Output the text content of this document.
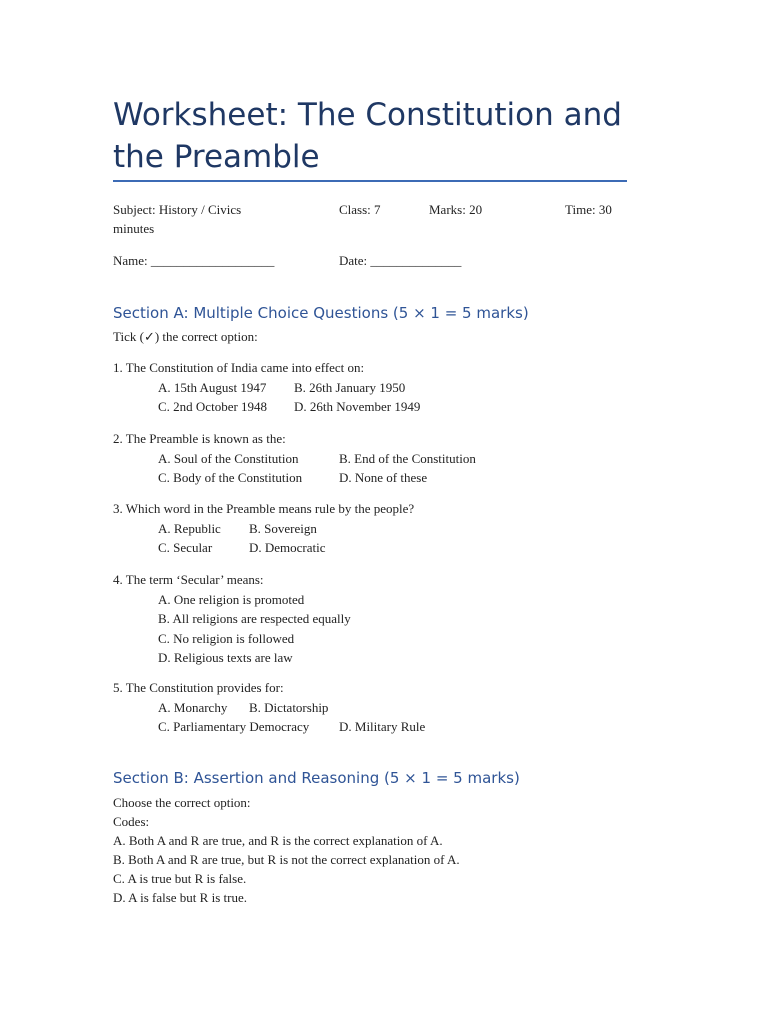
Worksheet: The Constitution and the Preamble
Subject: History / Civics	Class: 7	Marks: 20	Time: 30
minutes
Name: ___________________	Date: ______________
Section A: Multiple Choice Questions (5 × 1 = 5 marks)
Tick (✓) the correct option:
1. The Constitution of India came into effect on:
A. 15th August 1947 B. 26th January 1950
C. 2nd October 1948 D. 26th November 1949
2. The Preamble is known as the:
A. Soul of the Constitution	B. End of the Constitution
C. Body of the Constitution	D. None of these
3. Which word in the Preamble means rule by the people?
A. Republic B. Sovereign
C. Secular	D. Democratic
4. The term ‘Secular’ means:
A. One religion is promoted
B. All religions are respected equally
C. No religion is followed
D. Religious texts are law
5. The Constitution provides for:
A. Monarchy B. Dictatorship
C. Parliamentary Democracy D. Military Rule
Section B: Assertion and Reasoning (5 × 1 = 5 marks)
Choose the correct option:
Codes:
A. Both A and R are true, and R is the correct explanation of A.
B. Both A and R are true, but R is not the correct explanation of A.
C. A is true but R is false.
D. A is false but R is true.
